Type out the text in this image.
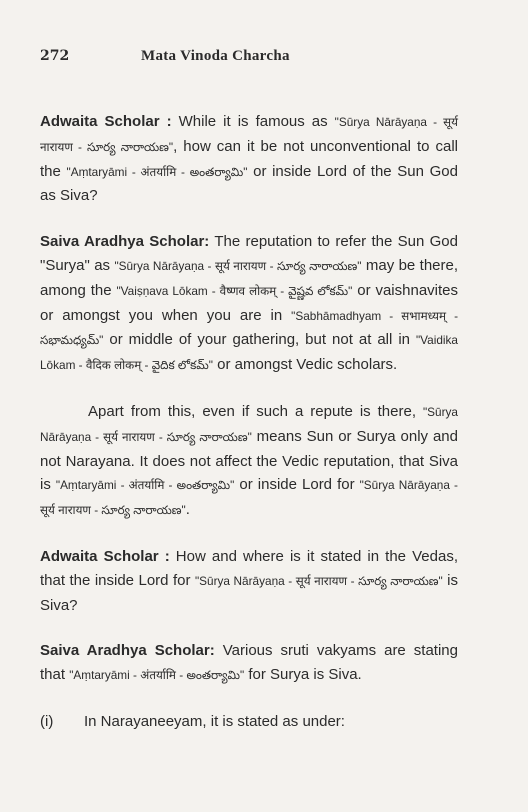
272	Mata Vinoda Charcha

Adwaita Scholar : While it is famous as "Sūrya Nārāyaṇa - सूर्य नारायण - సూర్య నారాయణ", how can it be not unconventional to call the "Aṃtaryāmi - अंतर्यामि - అంతర్యామి" or inside Lord of the Sun God as Siva?

Saiva Aradhya Scholar: The reputation to refer the Sun God "Surya" as "Sūrya Nārāyaṇa - सूर्य नारायण - సూర్య నారాయణ" may be there, among the "Vaiṣṇava Lōkam - वैष्णव लोकम् - వైష్ణవ లోకమ్" or vaishnavites or amongst you when you are in "Sabhāmadhyam - सभामध्यम् - సభామధ్యమ్" or middle of your gathering, but not at all in "Vaidika Lōkam - वैदिक लोकम् - వైదిక లోకమ్" or amongst Vedic scholars.

Apart from this, even if such a repute is there, "Sūrya Nārāyaṇa - सूर्य नारायण - సూర్య నారాయణ" means Sun or Surya only and not Narayana. It does not affect the Vedic reputation, that Siva is "Aṃtaryāmi - अंतर्यामि - అంతర్యామి" or inside Lord for "Sūrya Nārāyaṇa - सूर्य नारायण - సూర్య నారాయణ".

Adwaita Scholar : How and where is it stated in the Vedas, that the inside Lord for "Sūrya Nārāyaṇa - सूर्य नारायण - సూర్య నారాయణ" is Siva?

Saiva Aradhya Scholar: Various sruti vakyams are stating that "Aṃtaryāmi - अंतर्यामि - అంతర్యామి" for Surya is Siva.

(i) In Narayaneeyam, it is stated as under:
